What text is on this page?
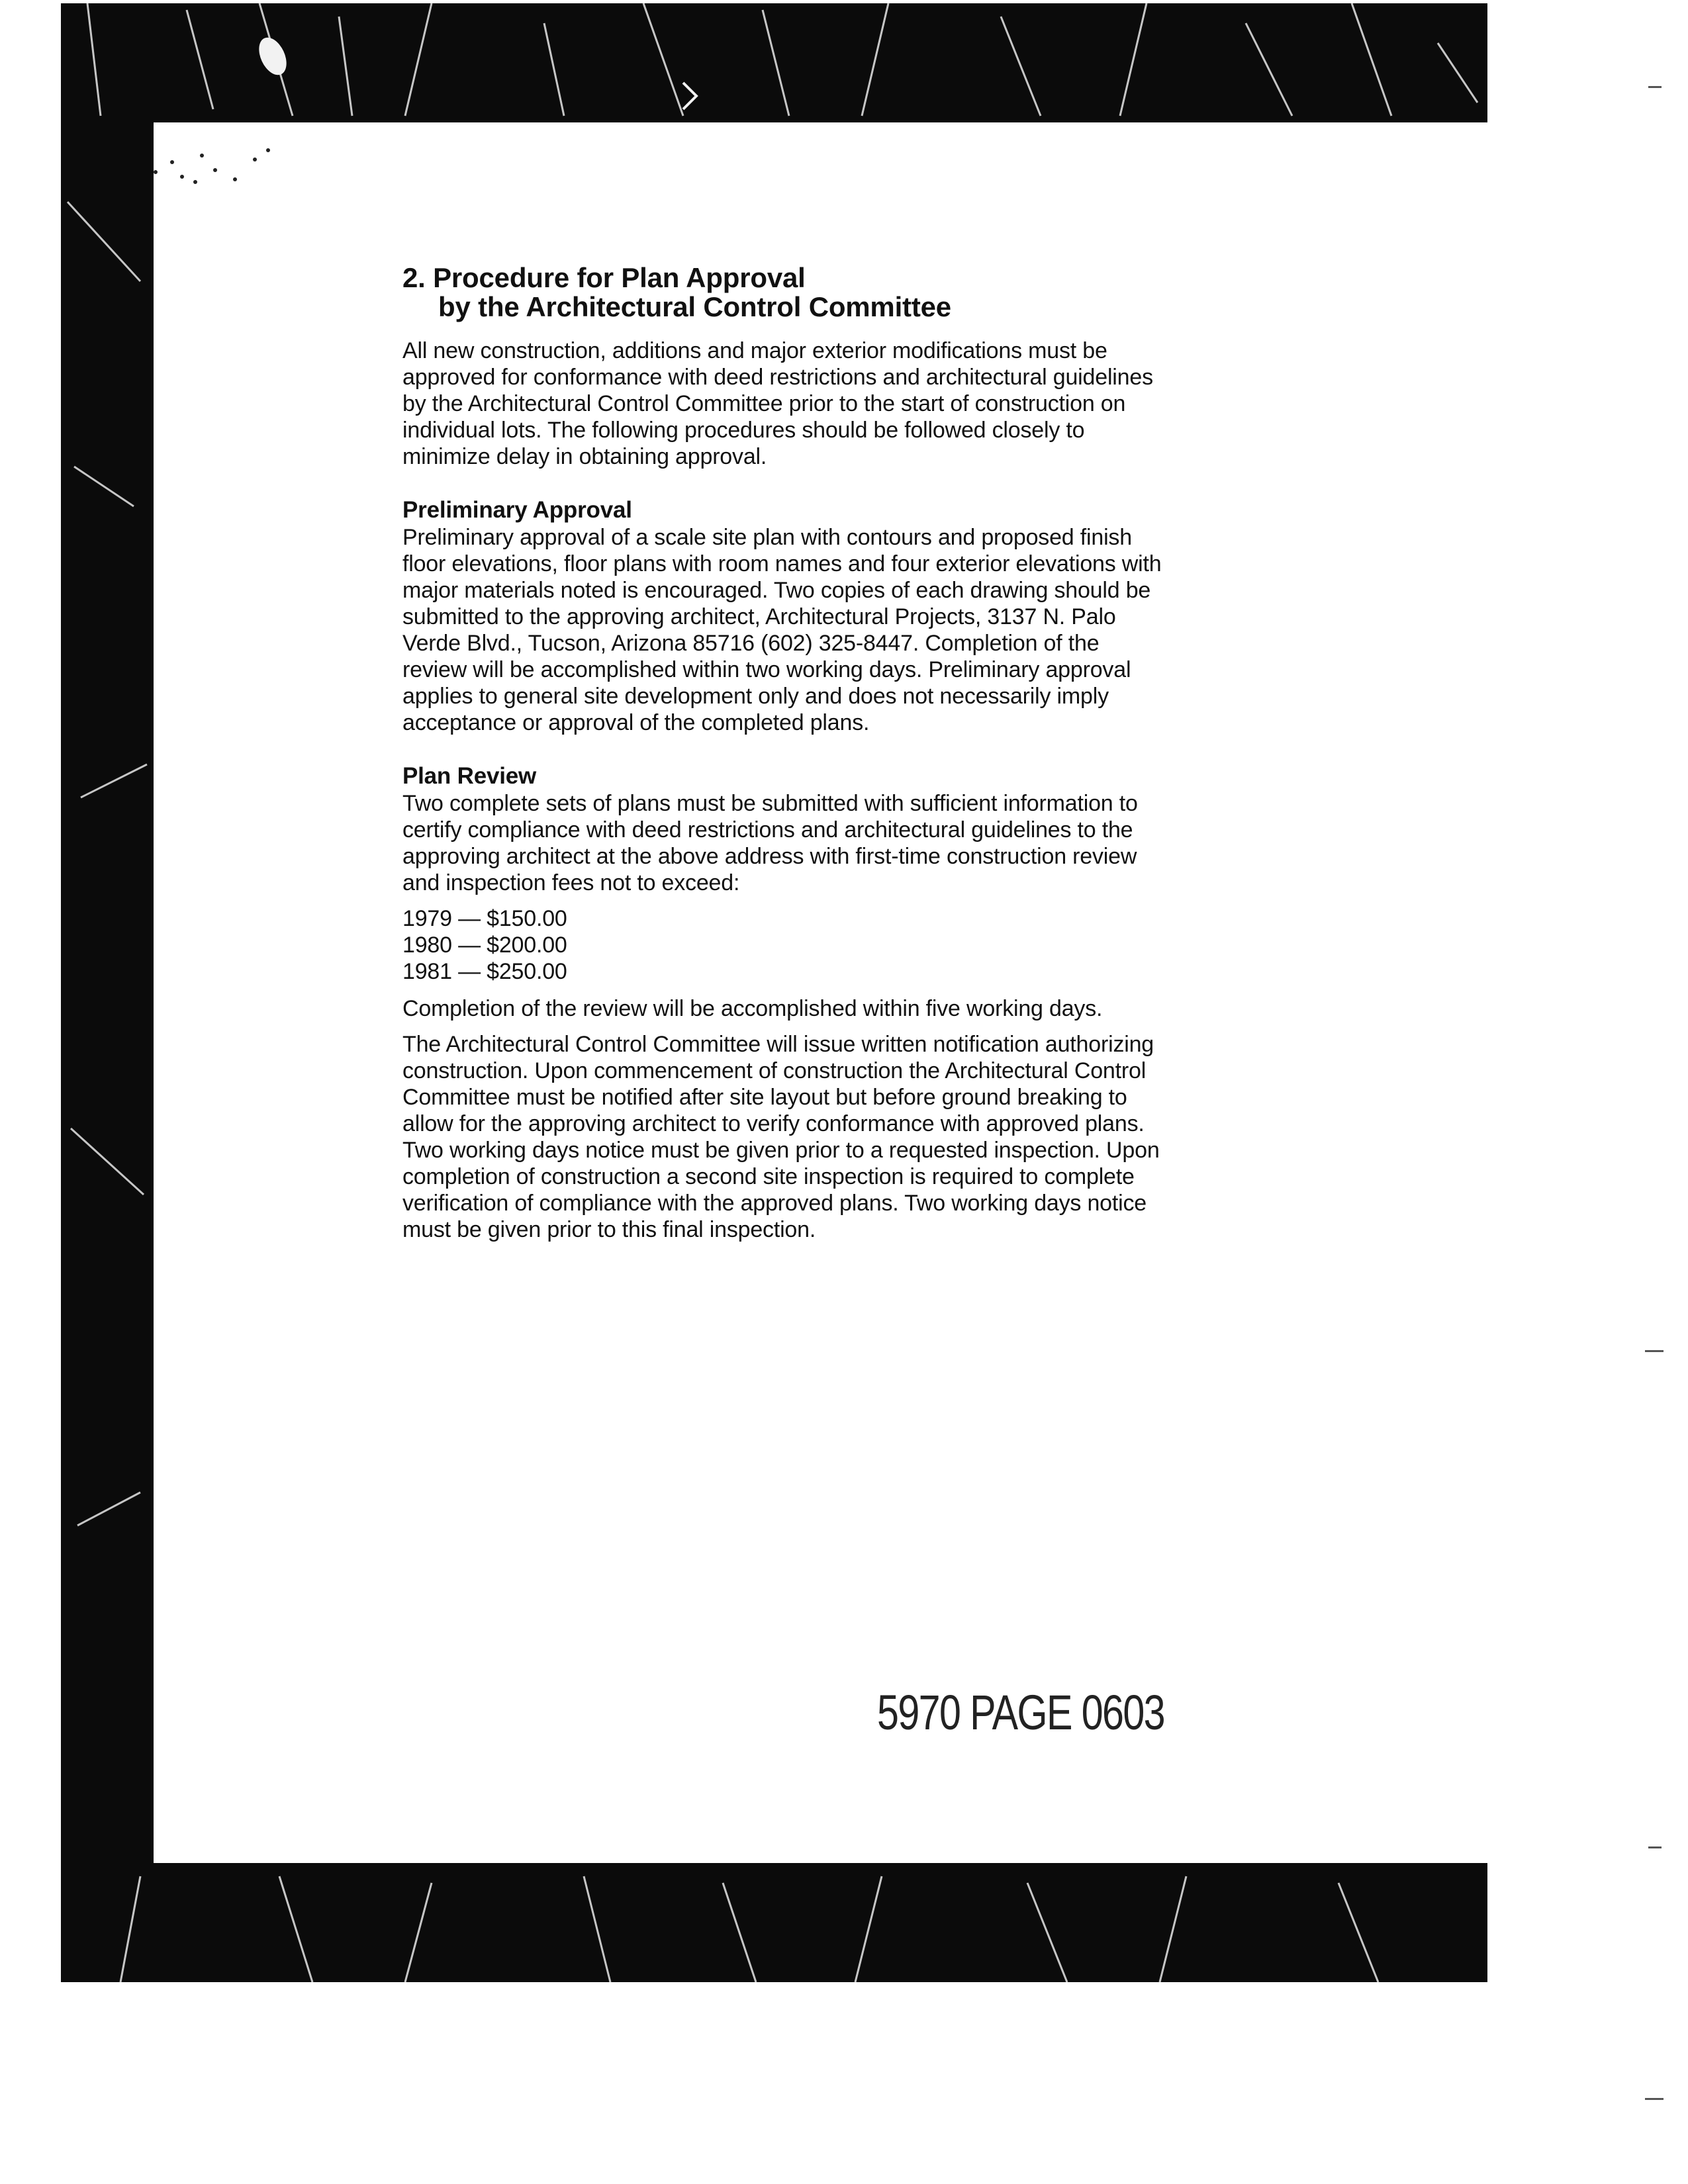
2. Procedure for Plan Approval
by the Architectural Control Committee

All new construction, additions and major exterior modifications must be approved for conformance with deed restrictions and architectural guidelines by the Architectural Control Committee prior to the start of construction on individual lots. The following procedures should be followed closely to minimize delay in obtaining approval.

Preliminary Approval

Preliminary approval of a scale site plan with contours and proposed finish floor elevations, floor plans with room names and four exterior elevations with major materials noted is encouraged. Two copies of each drawing should be submitted to the approving architect, Architectural Projects, 3137 N. Palo Verde Blvd., Tucson, Arizona 85716 (602) 325-8447. Completion of the review will be accomplished within two working days. Preliminary approval applies to general site development only and does not necessarily imply acceptance or approval of the completed plans.

Plan Review

Two complete sets of plans must be submitted with sufficient information to certify compliance with deed restrictions and architectural guidelines to the approving architect at the above address with first-time construction review and inspection fees not to exceed:

1979 — $150.00
1980 — $200.00
1981 — $250.00

Completion of the review will be accomplished within five working days.

The Architectural Control Committee will issue written notification authorizing construction. Upon commencement of construction the Architectural Control Committee must be notified after site layout but before ground breaking to allow for the approving architect to verify conformance with approved plans. Two working days notice must be given prior to a requested inspection. Upon completion of construction a second site inspection is required to complete verification of compliance with the approved plans. Two working days notice must be given prior to this final inspection.

5970 PAGE 0603
